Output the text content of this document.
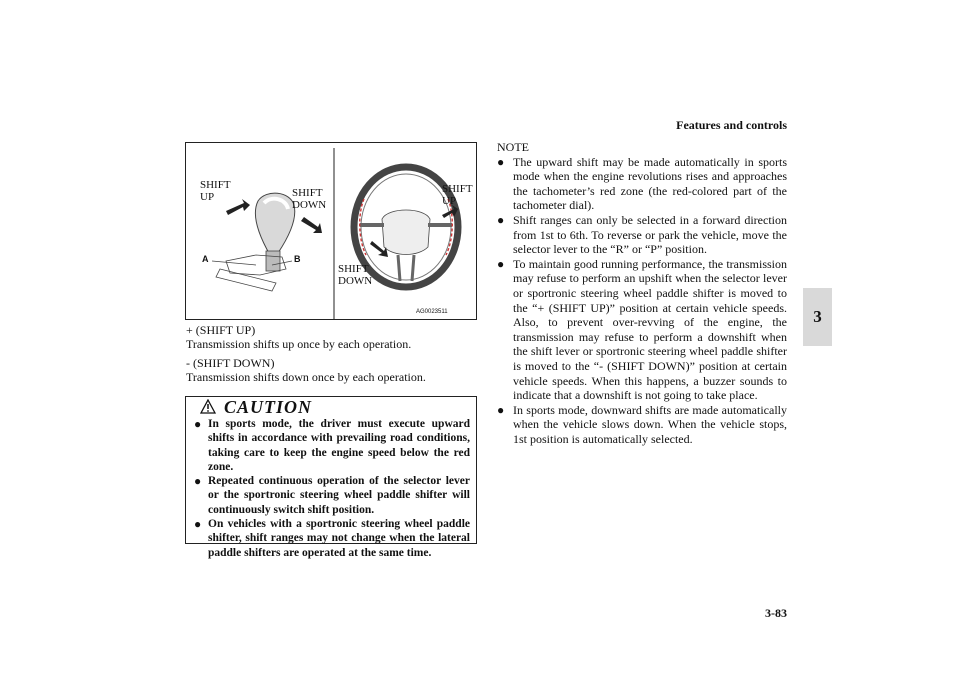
Features and controls
3
SHIFT
UP	SHIFT
DOWN
A	B
SHIFT
UP
SHIFT
DOWN
AG0023511
+ (SHIFT UP)
Transmission shifts up once by each operation.
- (SHIFT DOWN)
Transmission shifts down once by each operation.
CAUTION
● In sports mode, the driver must execute upward shifts in accordance with prevailing road conditions, taking care to keep the engine speed below the red zone.
● Repeated continuous operation of the selector lever or the sportronic steering wheel paddle shifter will continuously switch shift position.
● On vehicles with a sportronic steering wheel paddle shifter, shift ranges may not change when the lateral paddle shifters are operated at the same time.
NOTE
● The upward shift may be made automatically in sports mode when the engine revolutions rises and approaches the tachometer’s red zone (the red-colored part of the tachometer dial).
● Shift ranges can only be selected in a forward direction from 1st to 6th. To reverse or park the vehicle, move the selector lever to the “R” or “P” position.
● To maintain good running performance, the transmission may refuse to perform an upshift when the selector lever or sportronic steering wheel paddle shifter is moved to the “+ (SHIFT UP)” position at certain vehicle speeds. Also, to prevent over-revving of the engine, the transmission may refuse to perform a downshift when the shift lever or sportronic steering wheel paddle shifter is moved to the “- (SHIFT DOWN)” position at certain vehicle speeds. When this happens, a buzzer sounds to indicate that a downshift is not going to take place.
● In sports mode, downward shifts are made automatically when the vehicle slows down. When the vehicle stops, 1st position is automatically selected.
3-83
